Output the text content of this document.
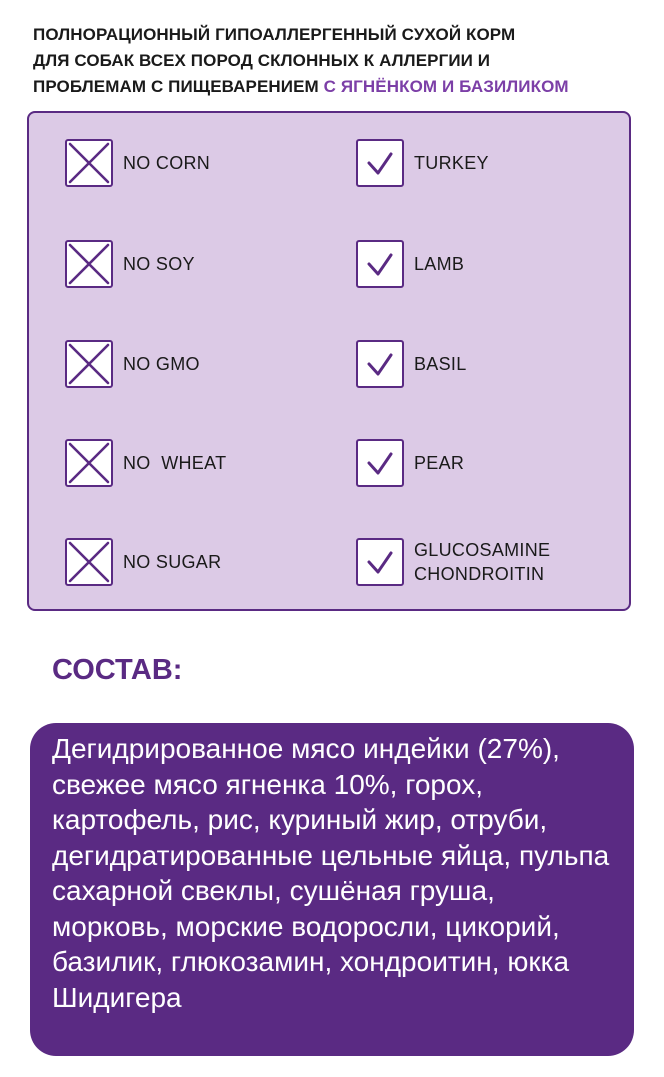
ПОЛНОРАЦИОННЫЙ ГИПОАЛЛЕРГЕННЫЙ СУХОЙ КОРМ
ДЛЯ СОБАК ВСЕХ ПОРОД СКЛОННЫХ К АЛЛЕРГИИ И
ПРОБЛЕМАМ С ПИЩЕВАРЕНИЕМ С ЯГНЁНКОМ И БАЗИЛИКОМ
NO CORN
NO SOY
NO GMO
NO  WHEAT
NO SUGAR
TURKEY
LAMB
BASIL
PEAR
GLUCOSAMINE
CHONDROITIN
СОСТАВ:
Дегидрированное мясо индейки (27%), свежее мясо ягненка 10%, горох, картофель, рис, куриный жир, отруби, дегидратированные цельные яйца, пульпа сахарной свеклы, сушёная груша, морковь, морские водоросли, цикорий, базилик, глюкозамин, хондроитин, юкка Шидигера
